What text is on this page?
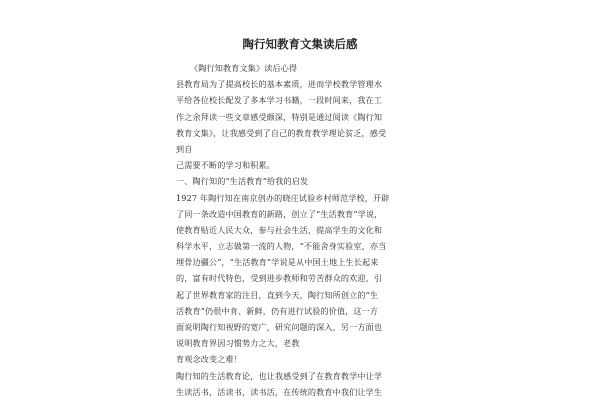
陶行知教育文集读后感
《陶行知教育文集》读后心得
县教育局为了提高校长的基本素质，进而学校教学管理水
平给各位校长配发了多本学习书籍，一段时间来，我在工
作之余拜读一些文章感受颇深，特别是通过阅读《陶行知
教育文集》，让我感受到了自己的教育教学理论贫乏，感受
到自
己需要不断的学习和积累。
一、陶行知的“生活教育”给我的启发
1927 年陶行知在南京创办的晓庄试验乡村师范学校，开辟
了同一条改造中国教育的新路，创立了“生活教育”学说，
使教育贴近人民大众，参与社会生活，提高学生的文化和
科学水平，立志做第一流的人物，“不能舍身实验室，亦当
埋骨边疆公”，“生活教育”学说是从中国土地上生长起来
的，富有时代特色，受到进步教师和劳苦群众的欢迎，引
起了世界教育家的注目，直到今天，陶行知所创立的“生
活教育”仍很中肯、新鲜，仍有进行试验的价值，这一方
面说明陶行知视野的宽广，研究问题的深入，另一方面也
说明教育界因习惯势力之大，老教
育观念改变之难！
陶行知的生活教育论，也让我感受到了在教育教学中让学
生读活书，活读书，读书活，在传统的教育中我们让学生
